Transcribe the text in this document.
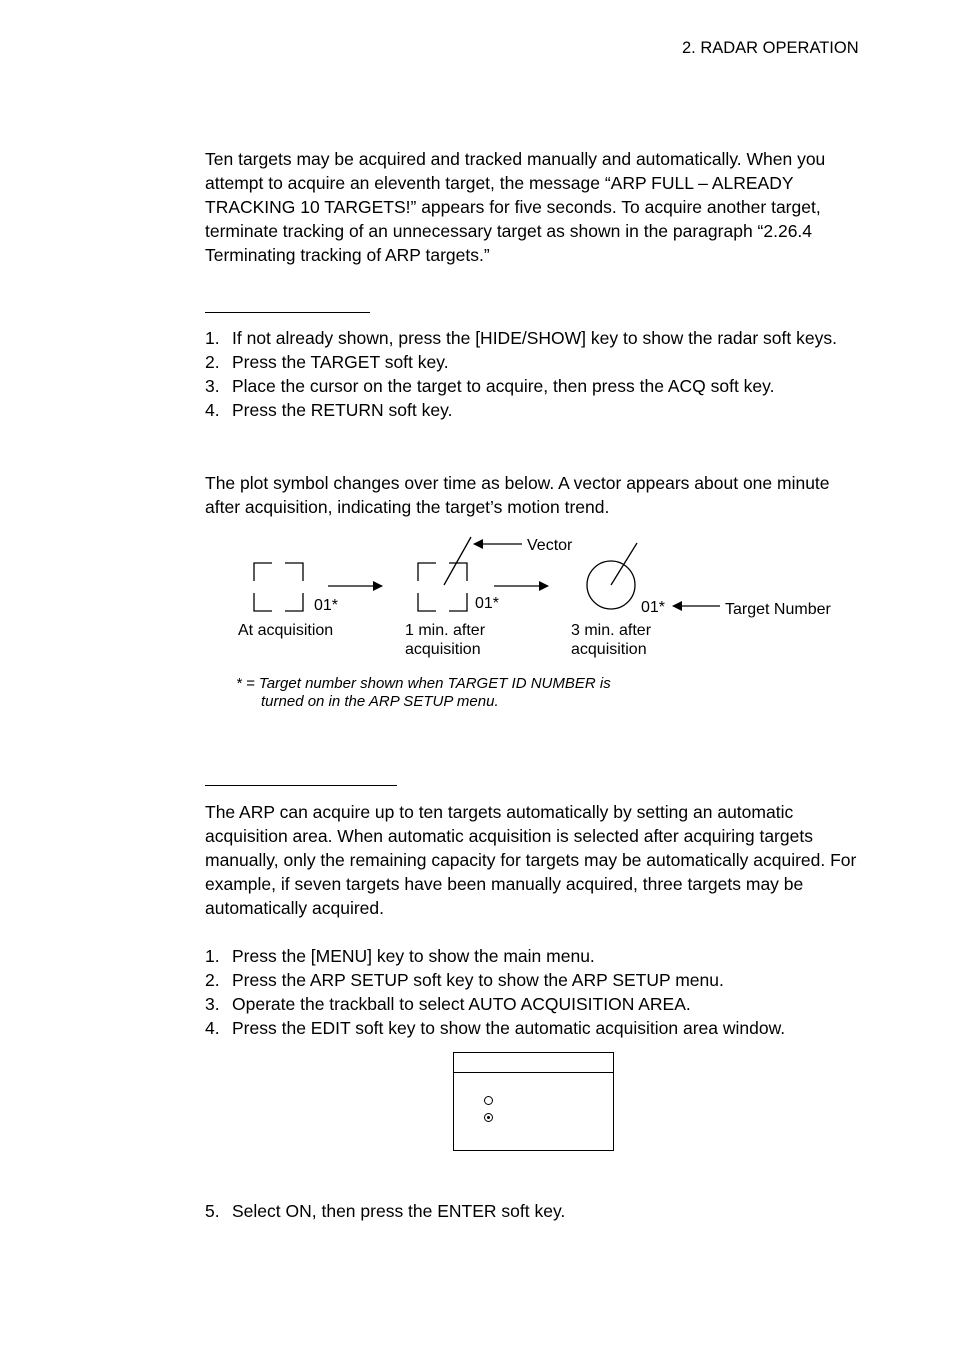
2. RADAR OPERATION

Ten targets may be acquired and tracked manually and automatically. When you attempt to acquire an eleventh target, the message “ARP FULL – ALREADY TRACKING 10 TARGETS!” appears for five seconds. To acquire another target, terminate tracking of an unnecessary target as shown in the paragraph “2.26.4 Terminating tracking of ARP targets.”

1. If not already shown, press the [HIDE/SHOW] key to show the radar soft keys.
2. Press the TARGET soft key.
3. Place the cursor on the target to acquire, then press the ACQ soft key.
4. Press the RETURN soft key.

The plot symbol changes over time as below. A vector appears about one minute after acquisition, indicating the target’s motion trend.

01*	01*
Vector
01*	Target Number
At acquisition	1 min. after
acquisition
3 min. after
acquisition
* = Target number shown when TARGET ID NUMBER is
turned on in the ARP SETUP menu.

The ARP can acquire up to ten targets automatically by setting an automatic acquisition area. When automatic acquisition is selected after acquiring targets manually, only the remaining capacity for targets may be automatically acquired. For example, if seven targets have been manually acquired, three targets may be automatically acquired.

1. Press the [MENU] key to show the main menu.
2. Press the ARP SETUP soft key to show the ARP SETUP menu.
3. Operate the trackball to select AUTO ACQUISITION AREA.
4. Press the EDIT soft key to show the automatic acquisition area window.
5. Select ON, then press the ENTER soft key.
